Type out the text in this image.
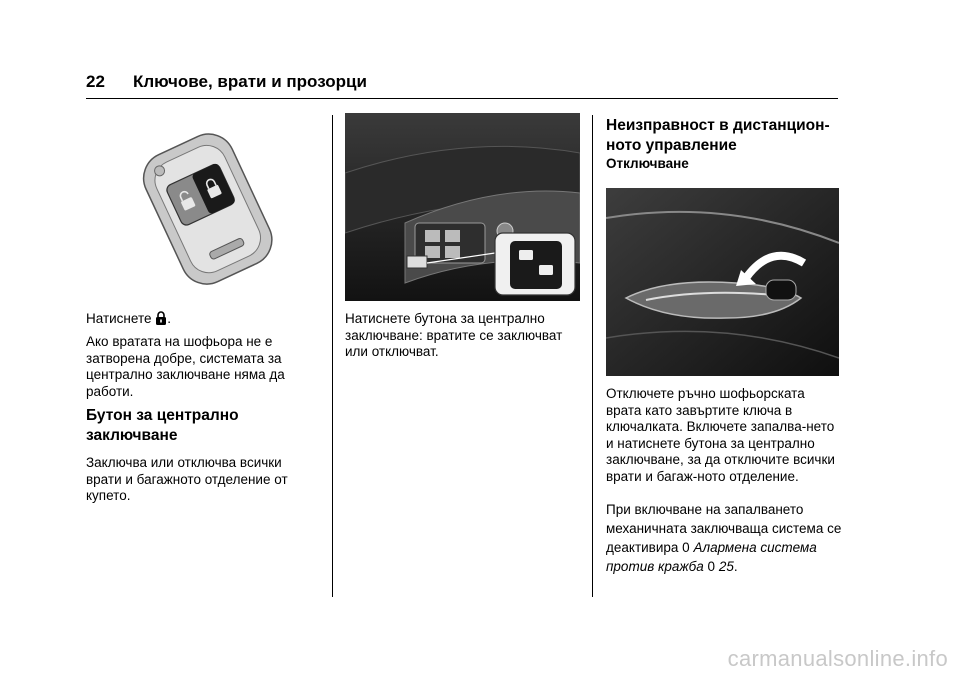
22 Ключове, врати и прозорци
Натиснете .
Ако вратата на шофьора не е затворена добре, системата за централно заключване няма да работи.
Бутон за централно заключване
Заключва или отключва всички врати и багажното отделение от купето.
Натиснете бутона за централно заключване: вратите се заключват или отключват.
Неизправност в дистанцион-ното управление
Отключване
Отключете ръчно шофьорската врата като завъртите ключа в ключалката. Включете запалва-нето и натиснете бутона за централно заключване, за да отключите всички врати и багаж-ното отделение.
При включване на запалването механичната заключваща система се деактивира 0 Алармена система против кражба 0 25.
carmanualsonline.info
